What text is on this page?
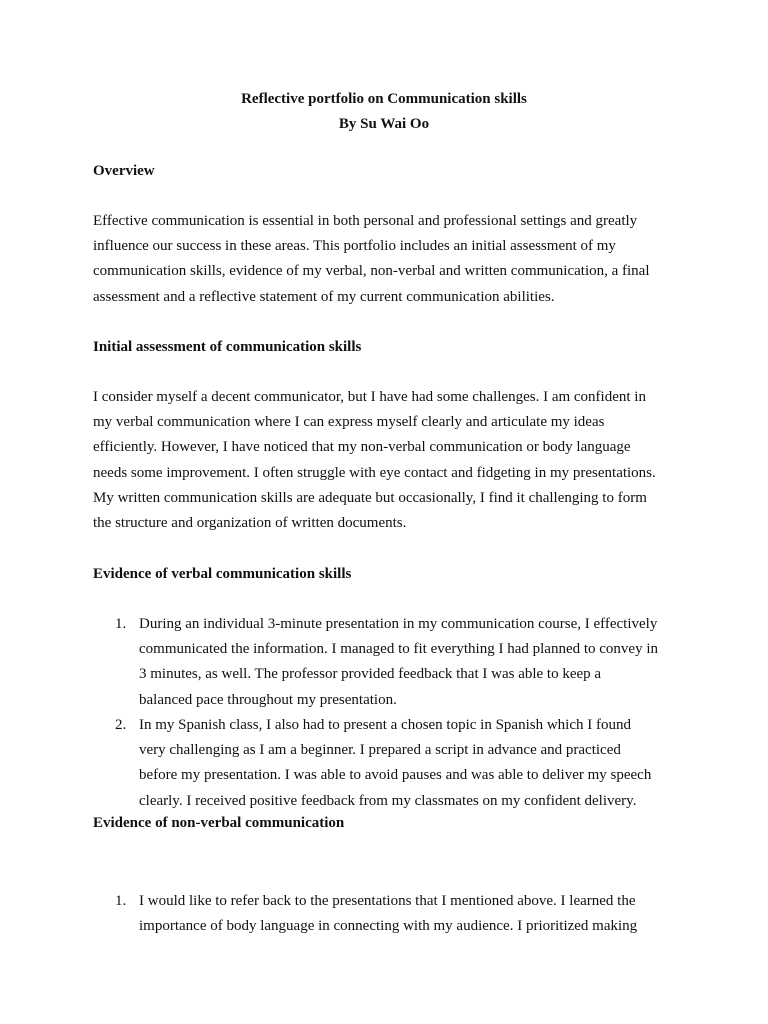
Reflective portfolio on Communication skills
By Su Wai Oo
Overview
Effective communication is essential in both personal and professional settings and greatly
influence our success in these areas. This portfolio includes an initial assessment of my
communication skills, evidence of my verbal, non-verbal and written communication, a final
assessment and a reflective statement of my current communication abilities.
Initial assessment of communication skills
I consider myself a decent communicator, but I have had some challenges. I am confident in
my verbal communication where I can express myself clearly and articulate my ideas
efficiently. However, I have noticed that my non-verbal communication or body language
needs some improvement. I often struggle with eye contact and fidgeting in my presentations.
My written communication skills are adequate but occasionally, I find it challenging to form
the structure and organization of written documents.
Evidence of verbal communication skills
1. During an individual 3-minute presentation in my communication course, I effectively
communicated the information. I managed to fit everything I had planned to convey in
3 minutes, as well. The professor provided feedback that I was able to keep a
balanced pace throughout my presentation.
2. In my Spanish class, I also had to present a chosen topic in Spanish which I found
very challenging as I am a beginner. I prepared a script in advance and practiced
before my presentation. I was able to avoid pauses and was able to deliver my speech
clearly. I received positive feedback from my classmates on my confident delivery.
Evidence of non-verbal communication
1. I would like to refer back to the presentations that I mentioned above. I learned the
importance of body language in connecting with my audience. I prioritized making
